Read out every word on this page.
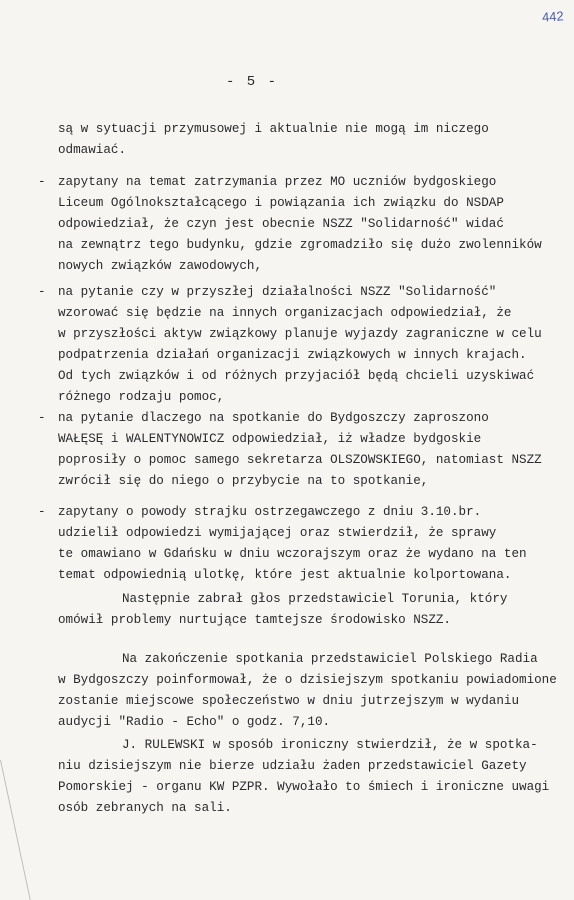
442
- 5 -
są w sytuacji przymusowej i aktualnie nie mogą im niczego
odmawiać.
- zapytany na temat zatrzymania przez MO uczniów bydgoskiego
Liceum Ogólnokształcącego i powiązania ich związku do NSDAP
odpowiedział, że czyn jest obecnie NSZZ "Solidarność" widać
na zewnątrz tego budynku, gdzie zgromadziło się dużo zwolenników
nowych związków zawodowych,
- na pytanie czy w przyszłej działalności NSZZ "Solidarność"
wzorować się będzie na innych organizacjach odpowiedział, że
w przyszłości aktyw związkowy planuje wyjazdy zagraniczne w celu
podpatrzenia działań organizacji związkowych w innych krajach.
Od tych związków i od różnych przyjaciół będą chcieli uzyskiwać
różnego rodzaju pomoc,
- na pytanie dlaczego na spotkanie do Bydgoszczy zaproszono
WAŁĘSĘ i WALENTYNOWICZ odpowiedział, iż władze bydgoskie
poprosiły o pomoc samego sekretarza OLSZOWSKIEGO, natomiast NSZZ
zwrócił się do niego o przybycie na to spotkanie,
- zapytany o powody strajku ostrzegawczego z dniu 3.10.br.
udzielił odpowiedzi wymijającej oraz stwierdził, że sprawy
te omawiano w Gdańsku w dniu wczorajszym oraz że wydano na ten
temat odpowiednią ulotkę, które jest aktualnie kolportowana.
Następnie zabrał głos przedstawiciel Torunia, który
omówił problemy nurtujące tamtejsze środowisko NSZZ.
Na zakończenie spotkania przedstawiciel Polskiego Radia
w Bydgoszczy poinformował, że o dzisiejszym spotkaniu powiadomione
zostanie miejscowe społeczeństwo w dniu jutrzejszym w wydaniu
audycji "Radio - Echo" o godz. 7,10.
J. RULEWSKI w sposób ironiczny stwierdził, że w spotka-
niu dzisiejszym nie bierze udziału żaden przedstawiciel Gazety
Pomorskiej - organu KW PZPR. Wywołało to śmiech i ironiczne uwagi
osób zebranych na sali.
